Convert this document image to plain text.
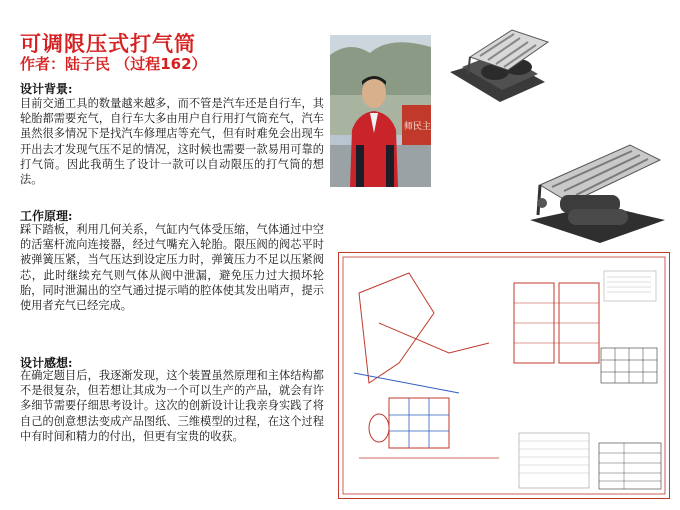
可调限压式打气筒
作者：陆子民 （过程162）
设计背景:

目前交通工具的数量越来越多，而不管是汽车还是自行车，其轮胎都需要充气，自行车大多由用户自行用打气筒充气，汽车虽然很多情况下是找汽车修理店等充气，但有时难免会出现车开出去才发现气压不足的情况，这时候也需要一款易用可靠的打气筒。因此我萌生了设计一款可以自动限压的打气筒的想法。

工作原理:

踩下踏板，利用几何关系，气缸内气体受压缩，气体通过中空的活塞杆流向连接器，经过气嘴充入轮胎。限压阀的阀芯平时被弹簧压紧，当气压达到设定压力时，弹簧压力不足以压紧阀芯，此时继续充气则气体从阀中泄漏，避免压力过大损坏轮胎，同时泄漏出的空气通过提示哨的腔体使其发出哨声，提示使用者充气已经完成。

设计感想:

在确定题目后，我逐渐发现，这个装置虽然原理和主体结构都不是很复杂，但若想让其成为一个可以生产的产品，就会有许多细节需要仔细思考设计。这次的创新设计让我亲身实践了将自己的创意想法变成产品图纸、三维模型的过程，在这个过程中有时间和精力的付出，但更有宝贵的收获。

师民主
